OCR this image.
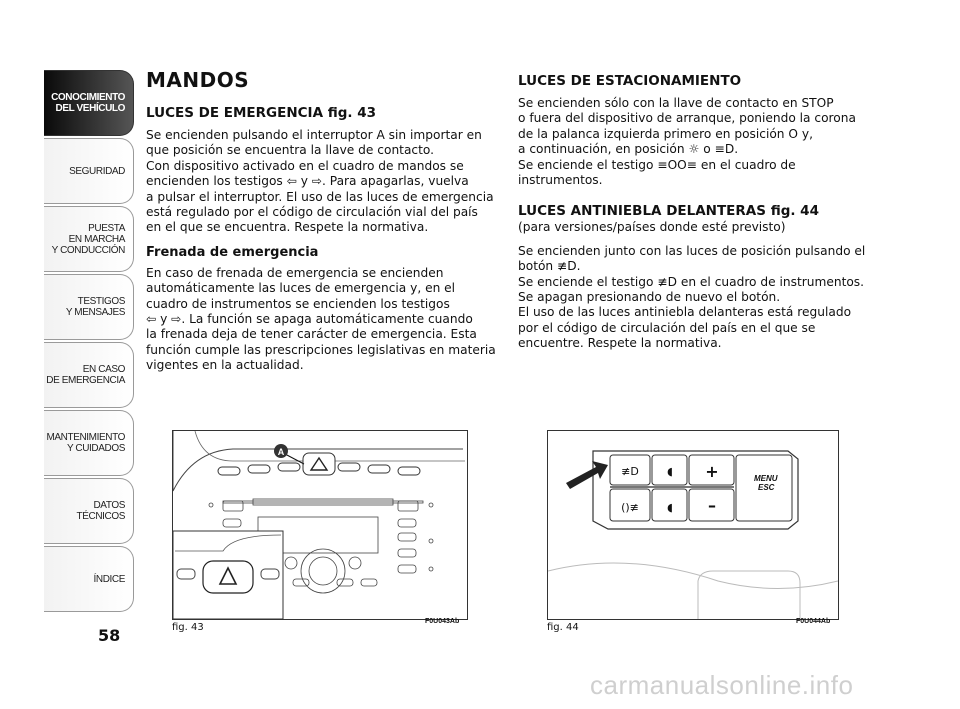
CONOCIMIENTO
DEL VEHÍCULO
SEGURIDAD
PUESTA
EN MARCHA
Y CONDUCCIÓN
TESTIGOS
Y MENSAJES
EN CASO
DE EMERGENCIA
MANTENIMIENTO
Y CUIDADOS
DATOS TÉCNICOS
ÍNDICE
58
MANDOS
LUCES DE EMERGENCIA fig. 43

Se encienden pulsando el interruptor A sin importar en
que posición se encuentra la llave de contacto.
Con dispositivo activado en el cuadro de mandos se
encienden los testigos ⇦ y ⇨. Para apagarlas, vuelva
a pulsar el interruptor. El uso de las luces de emergencia
está regulado por el código de circulación vial del país
en el que se encuentra. Respete la normativa.

Frenada de emergencia

En caso de frenada de emergencia se encienden
automáticamente las luces de emergencia y, en el
cuadro de instrumentos se encienden los testigos
⇦ y ⇨. La función se apaga automáticamente cuando
la frenada deja de tener carácter de emergencia. Esta
función cumple las prescripciones legislativas en materia
vigentes en la actualidad.

LUCES DE ESTACIONAMIENTO

Se encienden sólo con la llave de contacto en STOP
o fuera del dispositivo de arranque, poniendo la corona
de la palanca izquierda primero en posición O y,
a continuación, en posición ☼ o ≡D.
Se enciende el testigo ≡OO≡ en el cuadro de
instrumentos.

LUCES ANTINIEBLA DELANTERAS fig. 44

(para versiones/países donde esté previsto)

Se encienden junto con las luces de posición pulsando el
botón ≢D.
Se enciende el testigo ≢D en el cuadro de instrumentos.
Se apagan presionando de nuevo el botón.
El uso de las luces antiniebla delanteras está regulado
por el código de circulación del país en el que se
encuentre. Respete la normativa.

A
fig. 43
F0U043Ab
≢D	◖ +
()≢	◖ –
MENU
ESC
fig. 44
F0U044Ab
carmanualsonline.info
